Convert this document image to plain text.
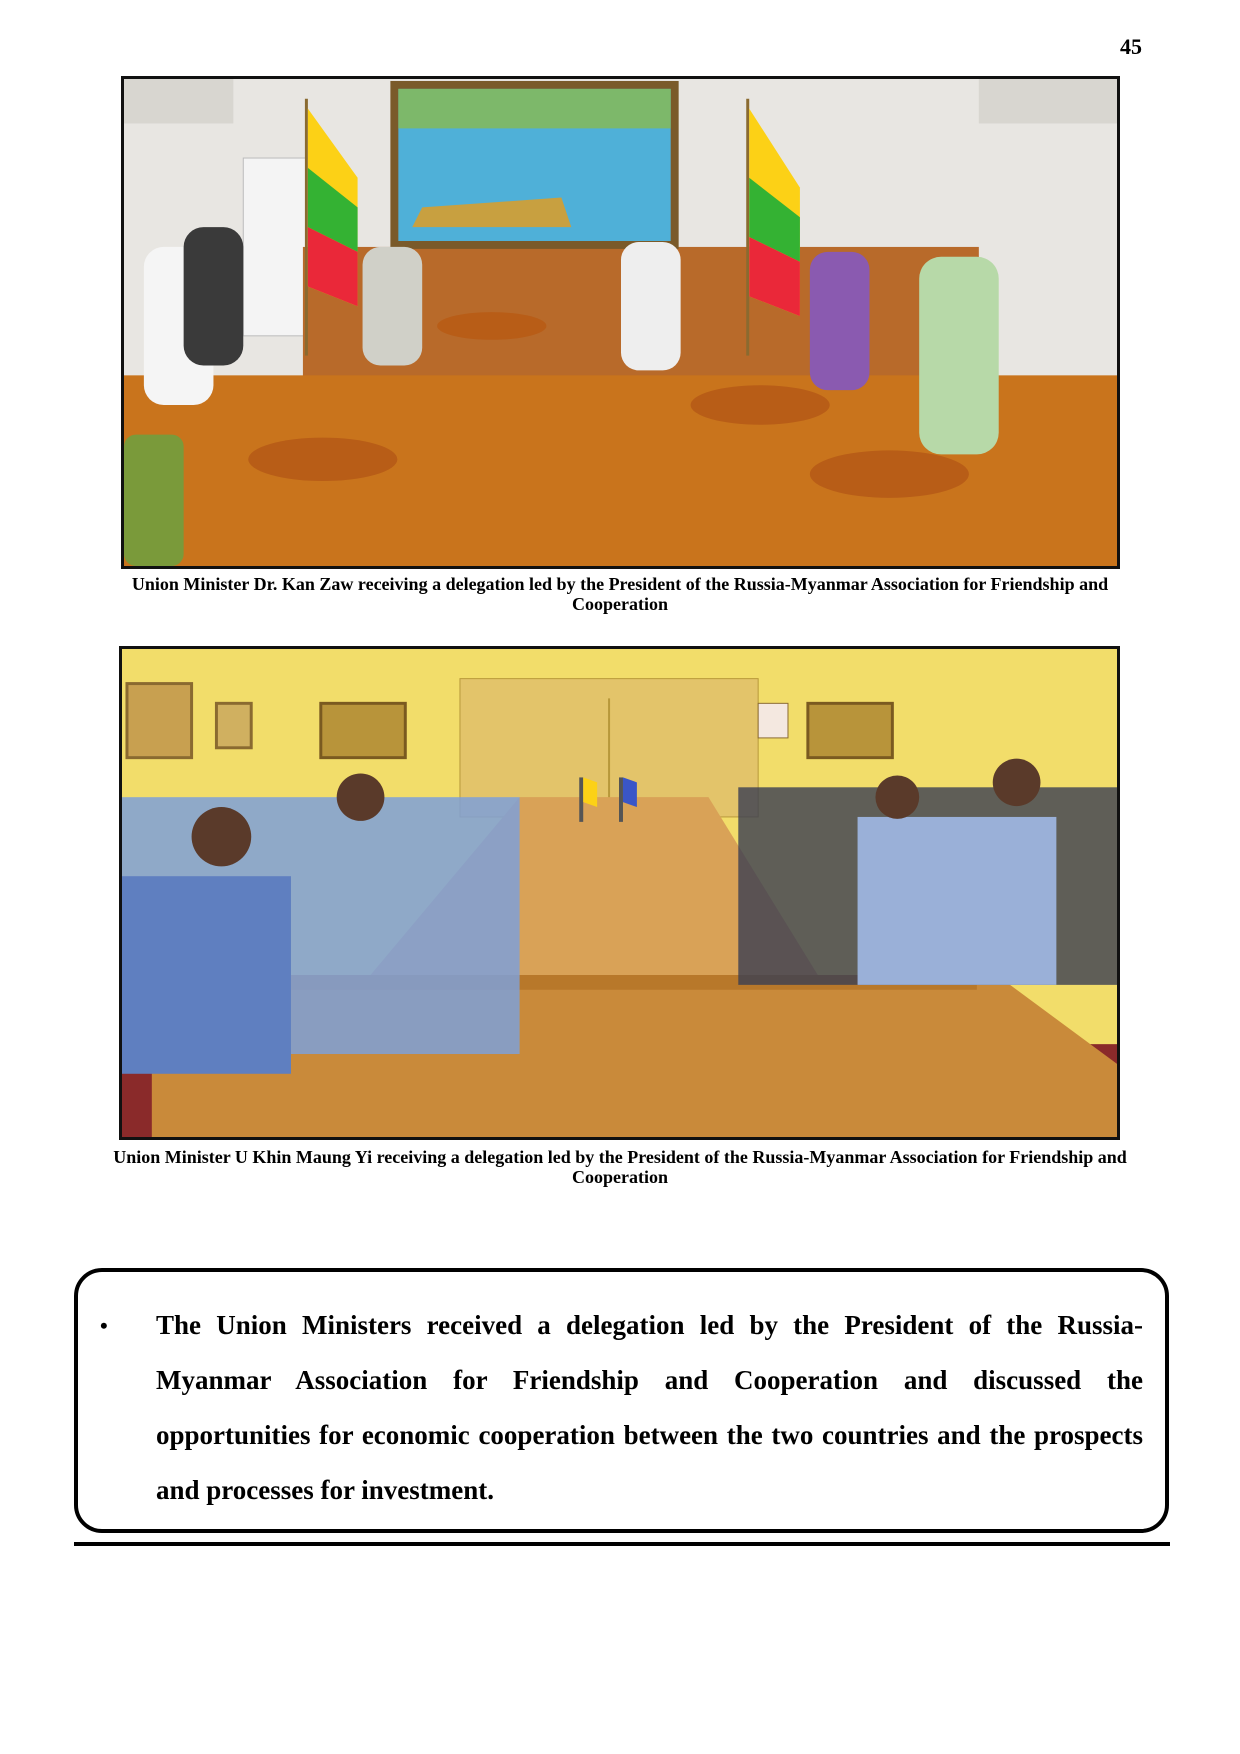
45
Union Minister Dr. Kan Zaw receiving a delegation led by the President of the Russia-Myanmar Association for Friendship and Cooperation
Union Minister U Khin Maung Yi receiving a delegation led by the President of the Russia-Myanmar Association for Friendship and Cooperation
• The Union Ministers received a delegation led by the President of the Russia-Myanmar Association for Friendship and Cooperation and discussed the opportunities for economic cooperation between the two countries and the prospects and processes for investment.
